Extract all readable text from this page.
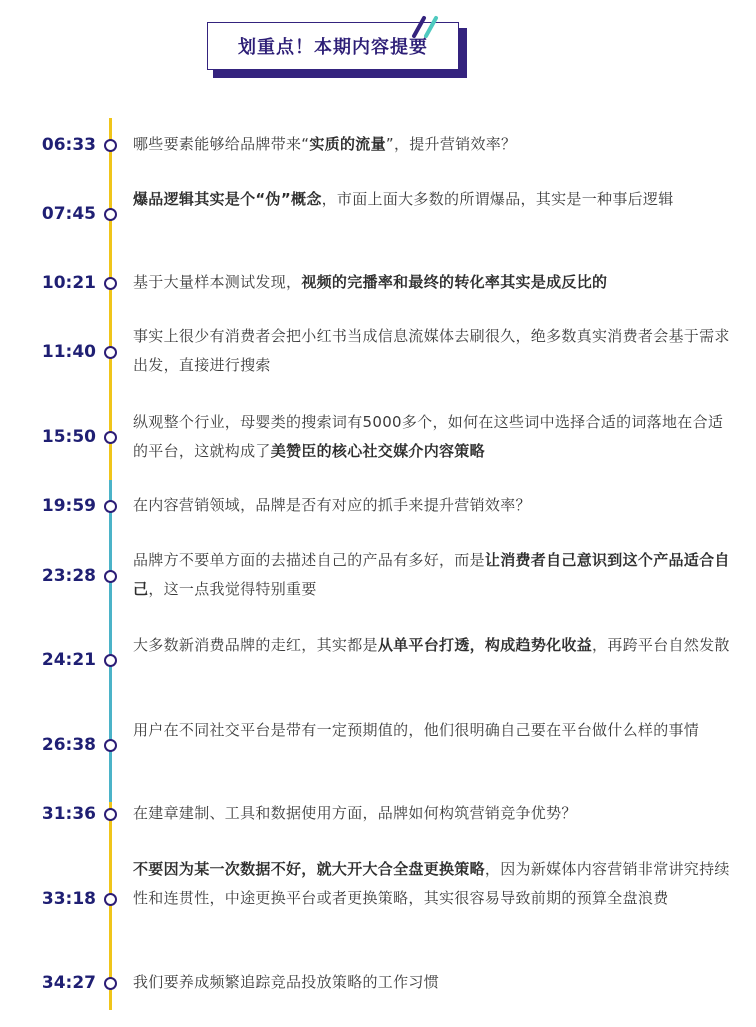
划重点！本期内容提要
06:33 哪些要素能够给品牌带来“实质的流量”，提升营销效率？
07:45
爆品逻辑其实是个“伪”概念，市面上面大多数的所谓爆品，其实是一种事后逻辑
10:21 基于大量样本测试发现，视频的完播率和最终的转化率其实是成反比的
11:40
事实上很少有消费者会把小红书当成信息流媒体去刷很久，绝多数真实消费者会基于需求出发，直接进行搜索
15:50
纵观整个行业，母婴类的搜索词有5000多个，如何在这些词中选择合适的词落地在合适的平台，这就构成了美赞臣的核心社交媒介内容策略
19:59 在内容营销领域，品牌是否有对应的抓手来提升营销效率？
23:28
品牌方不要单方面的去描述自己的产品有多好，而是让消费者自己意识到这个产品适合自己，这一点我觉得特别重要
24:21
大多数新消费品牌的走红，其实都是从单平台打透，构成趋势化收益，再跨平台自然发散
26:38
用户在不同社交平台是带有一定预期值的，他们很明确自己要在平台做什么样的事情
31:36 在建章建制、工具和数据使用方面，品牌如何构筑营销竞争优势？
33:18
不要因为某一次数据不好，就大开大合全盘更换策略，因为新媒体内容营销非常讲究持续性和连贯性，中途更换平台或者更换策略，其实很容易导致前期的预算全盘浪费
34:27 我们要养成频繁追踪竞品投放策略的工作习惯
